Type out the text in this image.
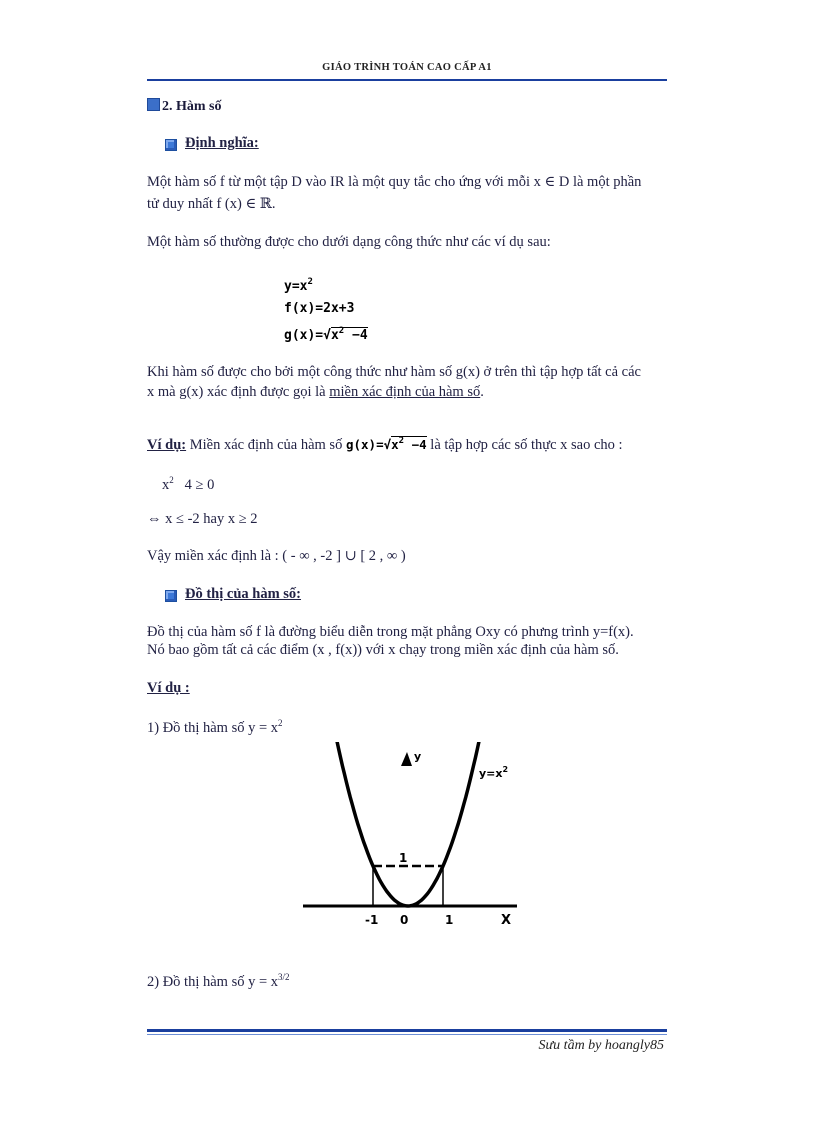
GIÁO TRÌNH TOÁN CAO CẤP A1
2. Hàm số
Định nghĩa:
Một hàm số f từ một tập D vào IR là một quy tắc cho ứng với mỗi x ∈ D là một phần
tử duy nhất f (x) ∈ ℝ.
Một hàm số thường được cho dưới dạng công thức như các ví dụ sau:
$y=x^2$
f(x)=2x+3
$g(x)=√x^2 -4$
Khi hàm số được cho bởi một công thức như hàm số g(x) ở trên thì tập hợp tất cả các
x mà g(x) xác định được gọi là miền xác định của hàm số.
Ví dụ: Miền xác định của hàm số $g(x)=√x^2 -4$ là tập hợp các số thực x sao cho :
$x^2$   4 ≥ 0
⇔ x ≤ -2 hay x ≥ 2
Vậy miền xác định là : ( - ∞ , -2 ] ∪ [ 2 , ∞ )
Đồ thị của hàm số:
Đồ thị của hàm số f là đường biểu diễn trong mặt phẳng Oxy có phưng trình y=f(x).
Nó bao gồm tất cả các điểm (x , f(x)) với x chạy trong miền xác định của hàm số.
Ví dụ :
1) Đồ thị hàm số $y = x^2$
y
1
-1 0	1	X
$y=x^2$
2) Đồ thị hàm số $y = x^{3/2}$
Sưu tầm by hoangly85
